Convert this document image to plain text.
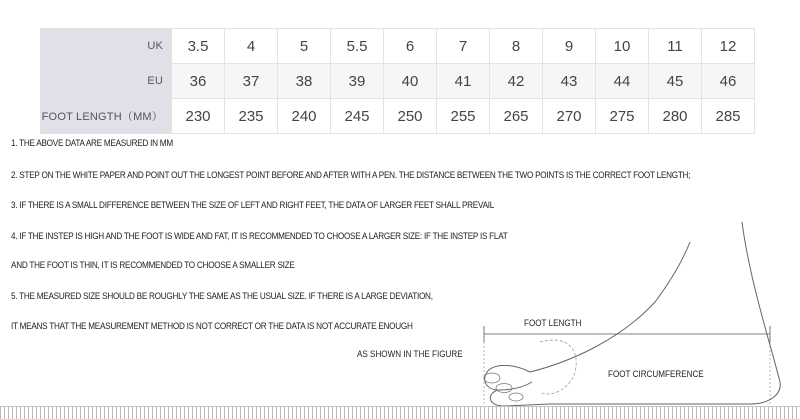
UK	3.5	4	5	5.5	6	7	8	9	10	11	12
EU	36	37	38	39	40	41	42	43	44	45	46
FOOT LENGTH（MM）	230	235	240	245	250	255	265	270	275	280	285
1. THE ABOVE DATA ARE MEASURED IN MM
2. STEP ON THE WHITE PAPER AND POINT OUT THE LONGEST POINT BEFORE AND AFTER WITH A PEN. THE DISTANCE BETWEEN THE TWO POINTS IS THE CORRECT FOOT LENGTH;
3. IF THERE IS A SMALL DIFFERENCE BETWEEN THE SIZE OF LEFT AND RIGHT FEET, THE DATA OF LARGER FEET SHALL PREVAIL
4. IF THE INSTEP IS HIGH AND THE FOOT IS WIDE AND FAT, IT IS RECOMMENDED TO CHOOSE A LARGER SIZE: IF THE INSTEP IS FLAT
AND THE FOOT IS THIN, IT IS RECOMMENDED TO CHOOSE A SMALLER SIZE
5. THE MEASURED SIZE SHOULD BE ROUGHLY THE SAME AS THE USUAL SIZE. IF THERE IS A LARGE DEVIATION,
IT MEANS THAT THE MEASUREMENT METHOD IS NOT CORRECT OR THE DATA IS NOT ACCURATE ENOUGH
AS SHOWN IN THE FIGURE
FOOT LENGTH
FOOT CIRCUMFERENCE
